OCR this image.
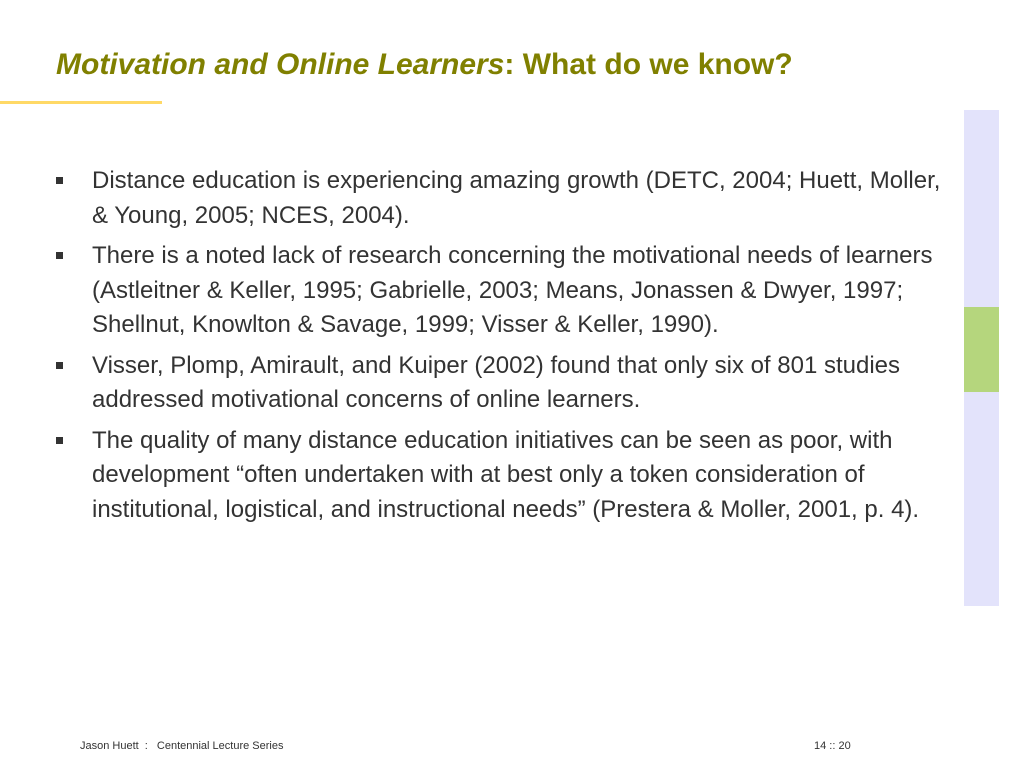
Motivation and Online Learners: What do we know?
Distance education is experiencing amazing growth (DETC, 2004; Huett, Moller, & Young, 2005; NCES, 2004).
There is a noted lack of research concerning the motivational needs of learners (Astleitner & Keller, 1995; Gabrielle, 2003; Means, Jonassen & Dwyer, 1997; Shellnut, Knowlton & Savage, 1999; Visser & Keller, 1990).
Visser, Plomp, Amirault, and Kuiper (2002) found that only six of 801 studies addressed motivational concerns of online learners.
The quality of many distance education initiatives can be seen as poor, with development “often undertaken with at best only a token consideration of institutional, logistical, and instructional needs” (Prestera & Moller, 2001, p. 4).
Jason Huett : Centennial Lecture Series	14 :: 20
